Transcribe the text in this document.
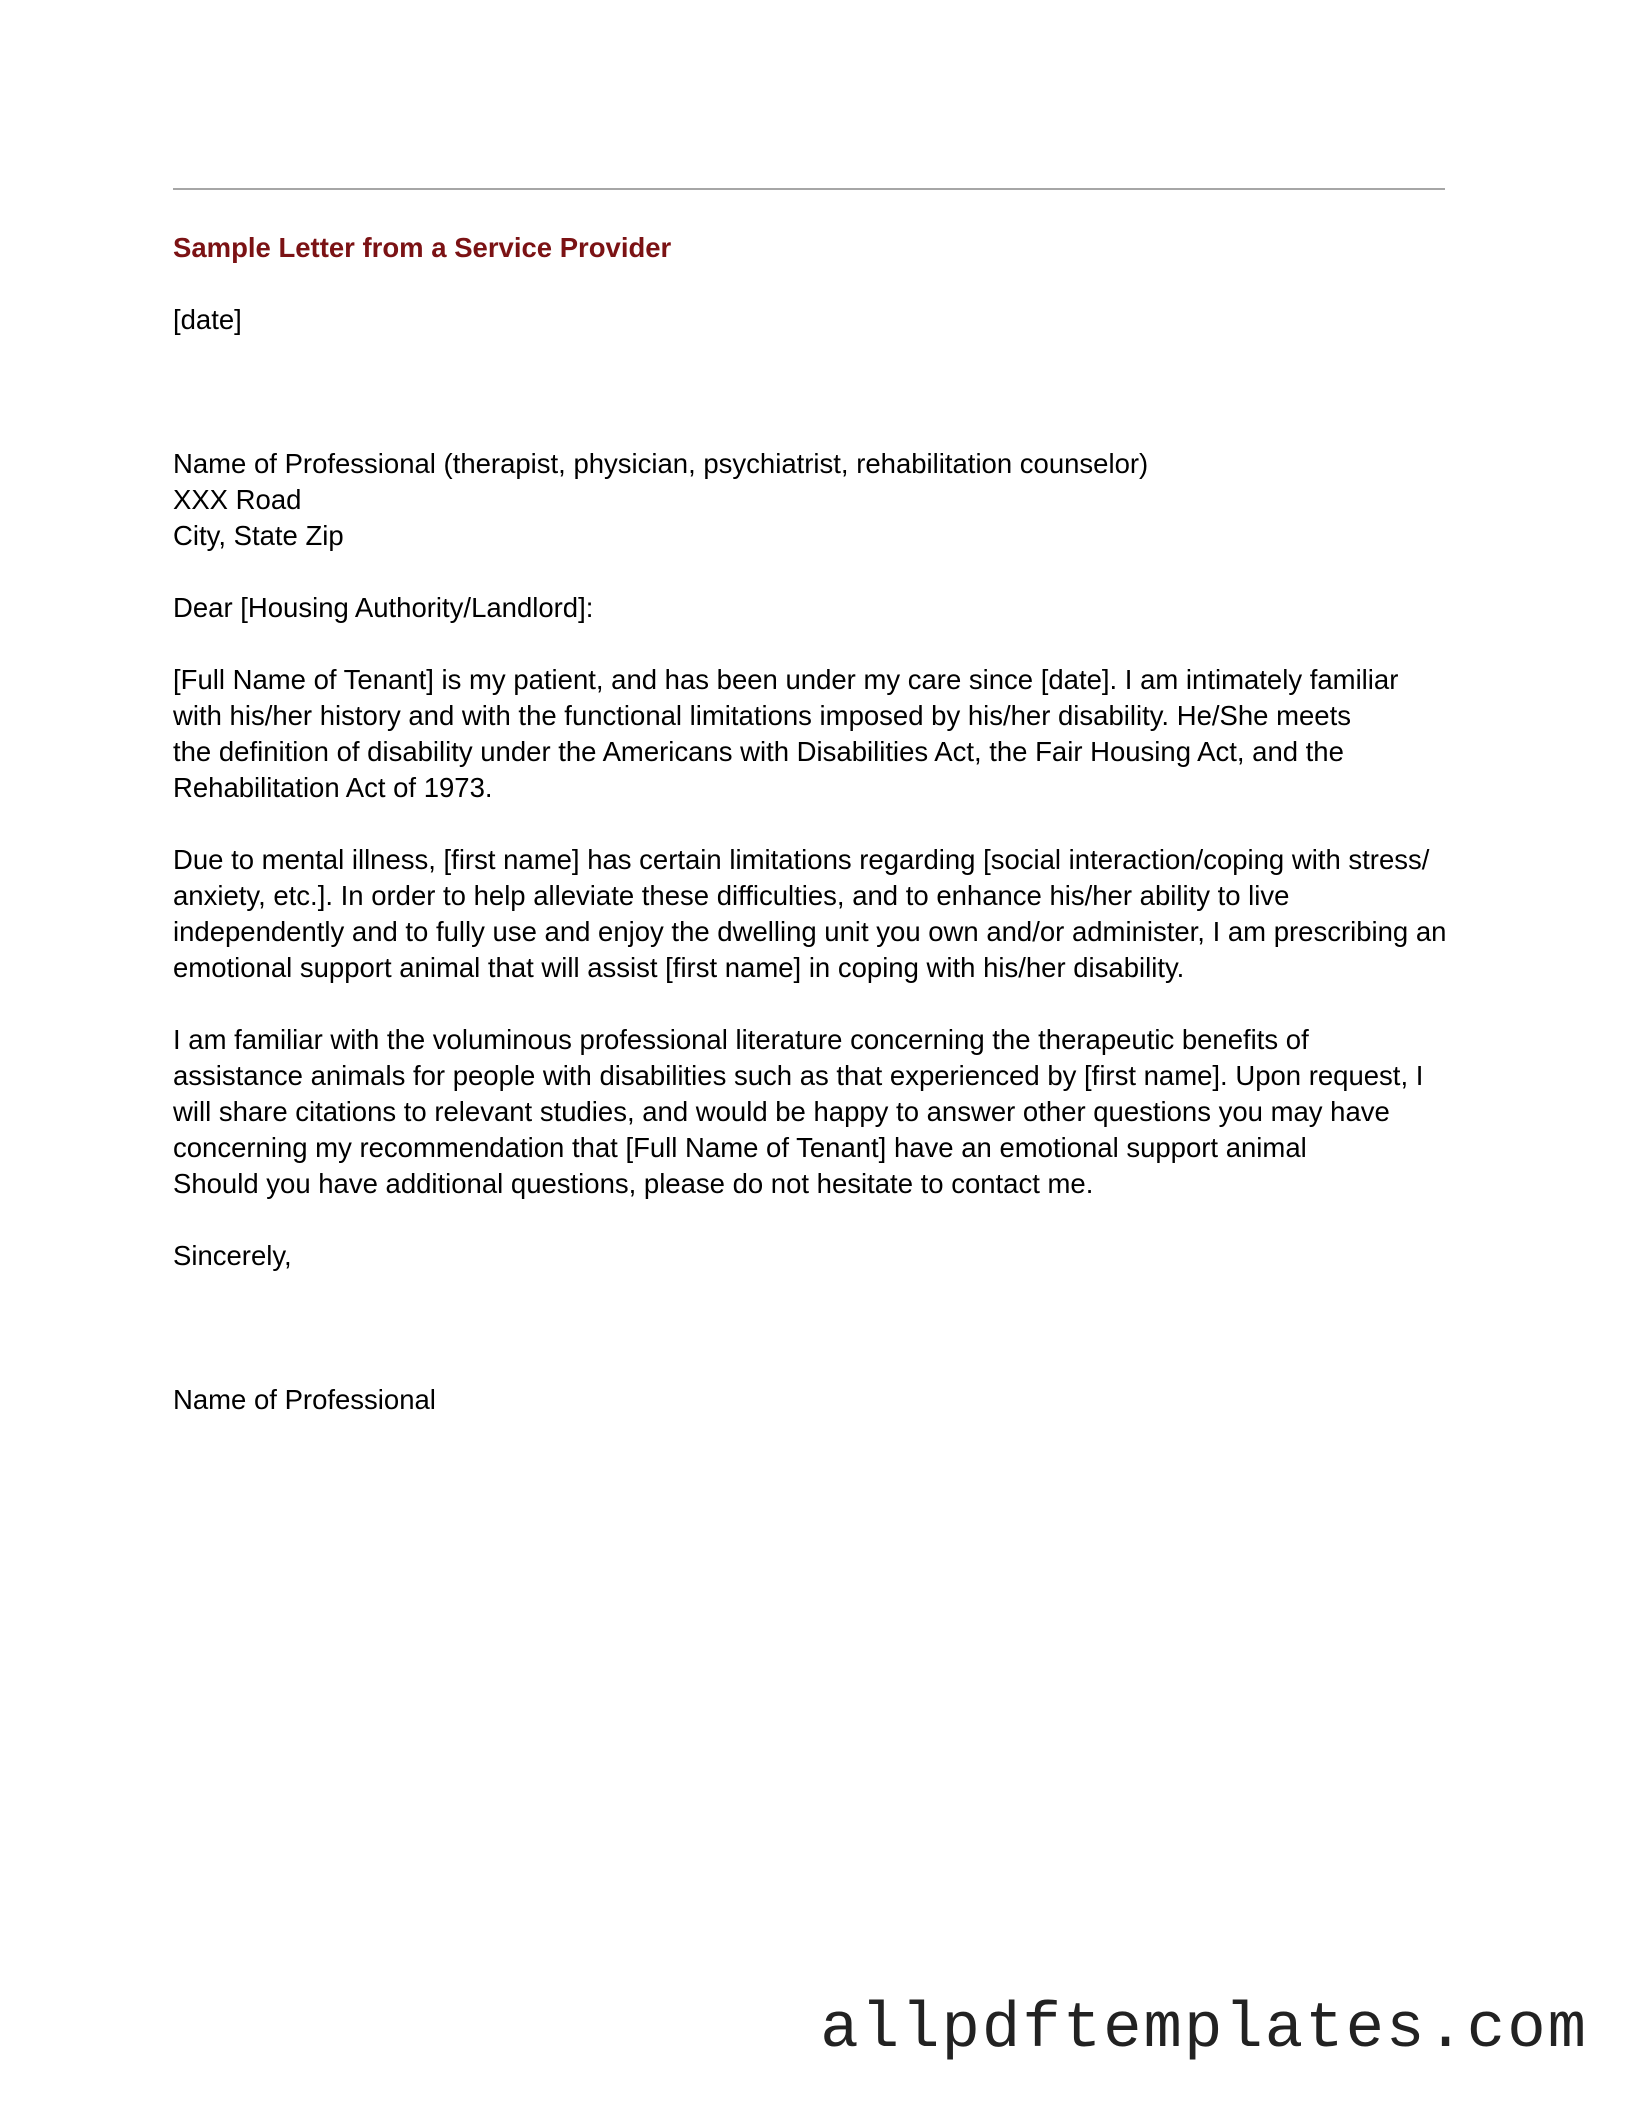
Sample Letter from a Service Provider

[date]

Name of Professional (therapist, physician, psychiatrist, rehabilitation counselor)
XXX Road
City, State Zip

Dear [Housing Authority/Landlord]:

[Full Name of Tenant] is my patient, and has been under my care since [date]. I am intimately familiar
with his/her history and with the functional limitations imposed by his/her disability. He/She meets
the definition of disability under the Americans with Disabilities Act, the Fair Housing Act, and the
Rehabilitation Act of 1973.

Due to mental illness, [first name] has certain limitations regarding [social interaction/coping with stress/
anxiety, etc.]. In order to help alleviate these difficulties, and to enhance his/her ability to live
independently and to fully use and enjoy the dwelling unit you own and/or administer, I am prescribing an
emotional support animal that will assist [first name] in coping with his/her disability.

I am familiar with the voluminous professional literature concerning the therapeutic benefits of
assistance animals for people with disabilities such as that experienced by [first name]. Upon request, I
will share citations to relevant studies, and would be happy to answer other questions you may have
concerning my recommendation that [Full Name of Tenant] have an emotional support animal
Should you have additional questions, please do not hesitate to contact me.

Sincerely,

Name of Professional

allpdftemplates.com
